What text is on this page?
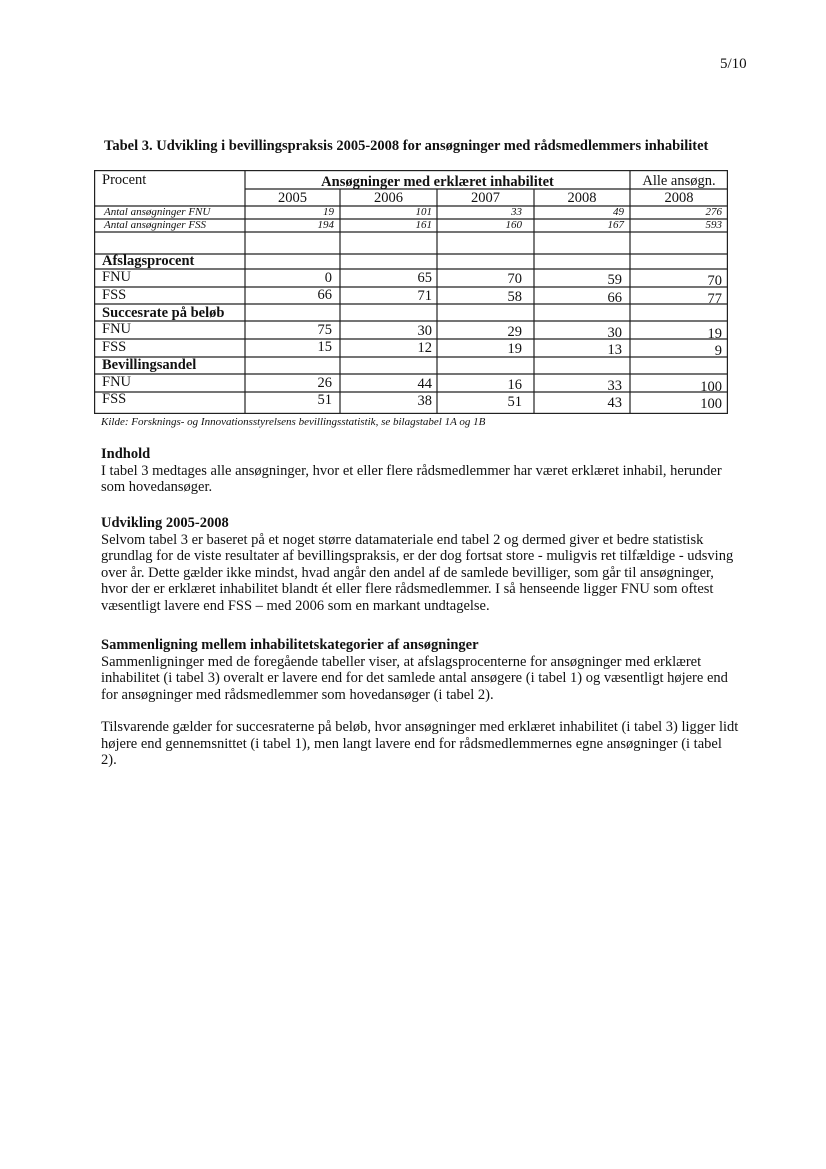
5/10
Tabel 3. Udvikling i bevillingspraksis 2005-2008 for ansøgninger med rådsmedlemmers inhabilitet
Procent	Ansøgninger med erklæret inhabilitet	Alle ansøgn.
2005	2006	2007	2008	2008
Antal ansøgninger FNU	19	101	33	49	276
Antal ansøgninger FSS	194	161	160	167	593
Afslagsprocent
FNU	0	65	70	59	70
FSS	66	71	58	66	77
Succesrate på beløb
FNU	75	30	29	30	19
FSS	15	12	19	13	9
Bevillingsandel
FNU	26	44	16	33	100
FSS	51	38	51	43	100
Kilde: Forsknings- og Innovationsstyrelsens bevillingsstatistik, se bilagstabel 1A og 1B
Indhold

I tabel 3 medtages alle ansøgninger, hvor et eller flere rådsmedlemmer har været erklæret inhabil, herunder som hovedansøger.

Udvikling 2005-2008

Selvom tabel 3 er baseret på et noget større datamateriale end tabel 2 og dermed giver et bedre statistisk grundlag for de viste resultater af bevillingspraksis, er der dog fortsat store - muligvis ret tilfældige - udsving over år. Dette gælder ikke mindst, hvad angår den andel af de samlede bevilliger, som går til ansøgninger, hvor der er erklæret inhabilitet blandt ét eller flere rådsmedlemmer. I så henseende ligger FNU som oftest væsentligt lavere end FSS – med 2006 som en markant undtagelse.

Sammenligning mellem inhabilitetskategorier af ansøgninger

Sammenligninger med de foregående tabeller viser, at afslagsprocenterne for ansøgninger med erklæret inhabilitet (i tabel 3) overalt er lavere end for det samlede antal ansøgere (i tabel 1) og væsentligt højere end for ansøgninger med rådsmedlemmer som hovedansøger (i tabel 2).

Tilsvarende gælder for succesraterne på beløb, hvor ansøgninger med erklæret inhabilitet (i tabel 3) ligger lidt højere end gennemsnittet (i tabel 1), men langt lavere end for rådsmedlemmernes egne ansøgninger (i tabel 2).
